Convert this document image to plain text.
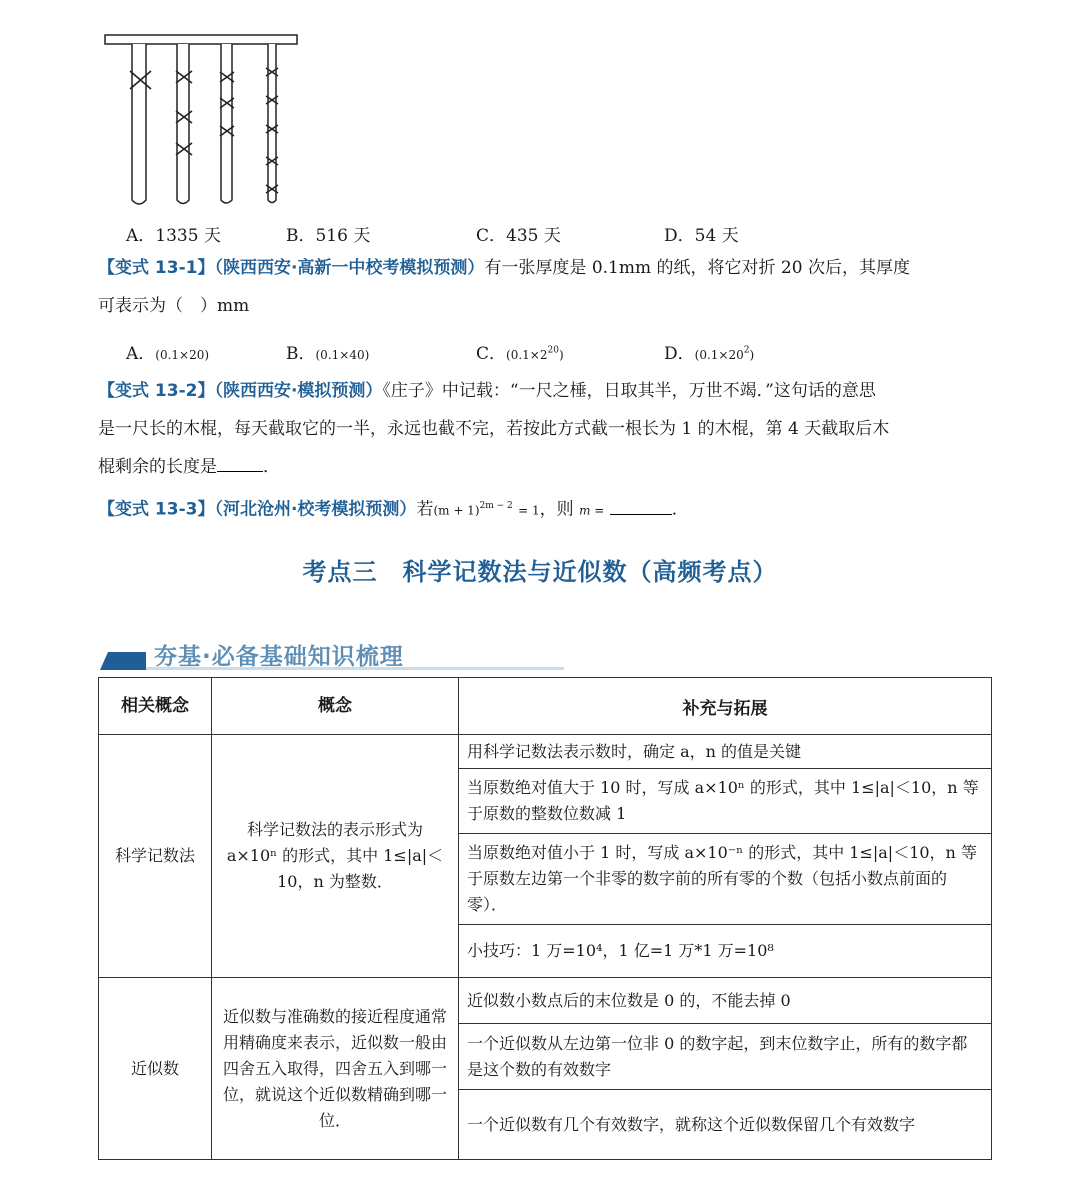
A．1335 天	B．516 天	C．435 天	D．54 天
【变式 13-1】（陕西西安·高新一中校考模拟预测）有一张厚度是 0.1mm 的纸，将它对折 20 次后，其厚度
可表示为（　）mm
A．(0.1×20)	B．(0.1×40)	C．$(0.1\times 2^{20})$	D．$(0.1\times 20^2)$
【变式 13-2】（陕西西安·模拟预测）《庄子》中记载：“一尺之棰，日取其半，万世不竭．”这句话的意思
是一尺长的木棍，每天截取它的一半，永远也截不完，若按此方式截一根长为 1 的木棍，第 4 天截取后木
棍剩余的长度是	．
【变式 13-3】（河北沧州·校考模拟预测）若$(m + 1)^{2m - 2} = 1$，则 m =	．
考点三　科学记数法与近似数（高频考点）
夯基·必备基础知识梳理
相关概念	概念	补充与拓展
科学记数法	科学记数法的表示形式为 a×10ⁿ 的形式，其中 1≤|a|＜10，n 为整数．	用科学记数法表示数时，确定 a，n 的值是关键
		当原数绝对值大于 10 时，写成 a×10ⁿ 的形式，其中 1≤|a|＜10，n 等于原数的整数位数减 1
		当原数绝对值小于 1 时，写成 a×10⁻ⁿ 的形式，其中 1≤|a|＜10，n 等于原数左边第一个非零的数字前的所有零的个数（包括小数点前面的零）．
		小技巧：1 万=10⁴，1 亿=1 万*1 万=10⁸
近似数	近似数与准确数的接近程度通常用精确度来表示，近似数一般由四舍五入取得，四舍五入到哪一位，就说这个近似数精确到哪一位．	近似数小数点后的末位数是 0 的，不能去掉 0
		一个近似数从左边第一位非 0 的数字起，到末位数字止，所有的数字都是这个数的有效数字
		一个近似数有几个有效数字，就称这个近似数保留几个有效数字
